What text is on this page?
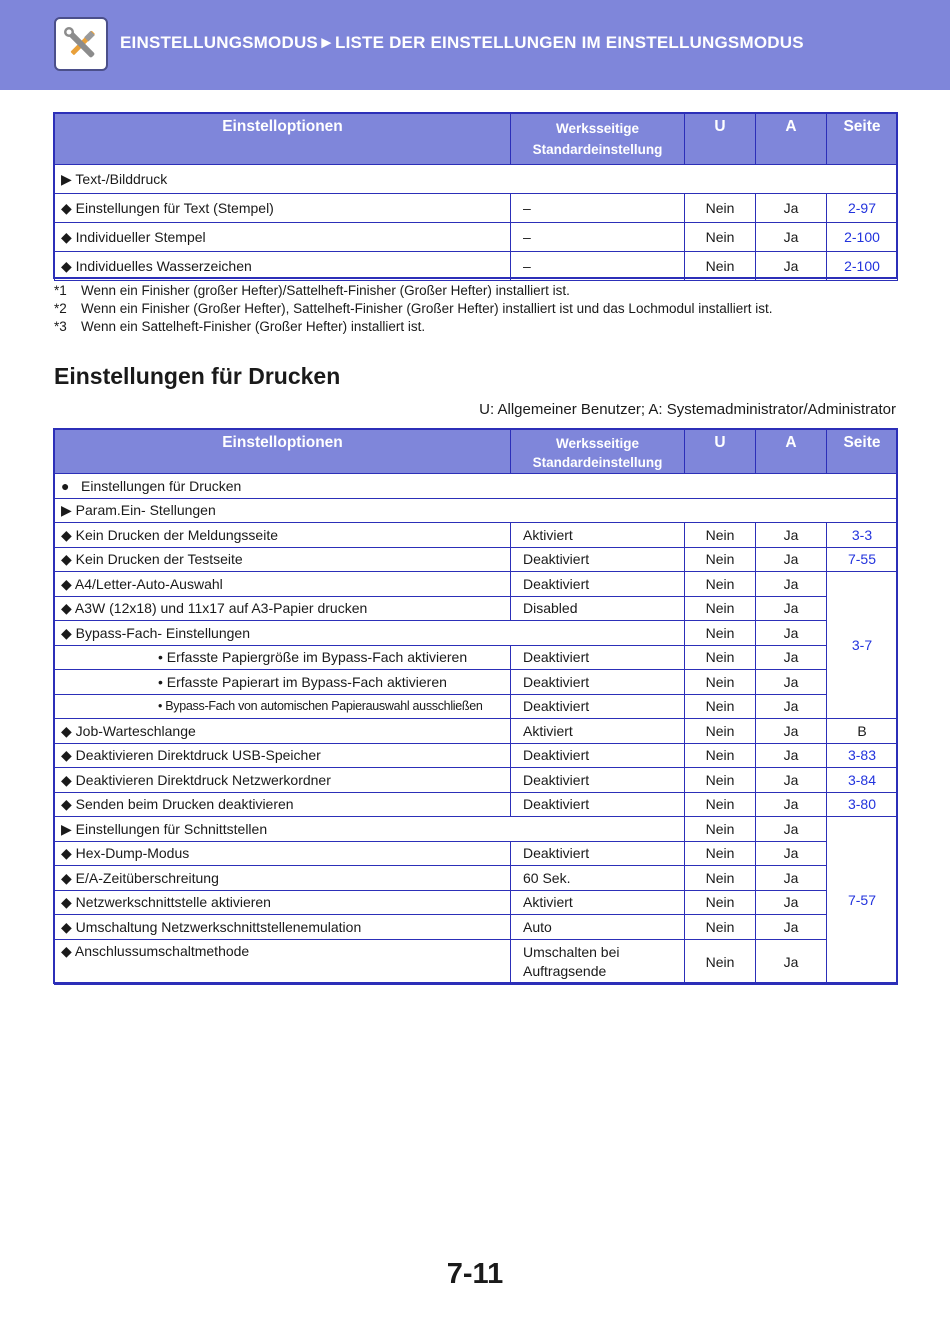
EINSTELLUNGSMODUS►LISTE DER EINSTELLUNGEN IM EINSTELLUNGSMODUS
Einstelloptionen	Werksseitige
Standardeinstellung	U	A	Seite
▶ Text-/Bilddruck				
◆ Einstellungen für Text (Stempel)	–	Nein	Ja	2-97
◆ Individueller Stempel	–	Nein	Ja	2-100
◆ Individuelles Wasserzeichen	–	Nein	Ja	2-100
*1 Wenn ein Finisher (großer Hefter)/Sattelheft-Finisher (Großer Hefter) installiert ist.
*2 Wenn ein Finisher (Großer Hefter), Sattelheft-Finisher (Großer Hefter) installiert ist und das Lochmodul installiert ist.
*3 Wenn ein Sattelheft-Finisher (Großer Hefter) installiert ist.
Einstellungen für Drucken
U: Allgemeiner Benutzer; A: Systemadministrator/Administrator
Einstelloptionen	Werksseitige
Standardeinstellung	U	A	Seite
● Einstellungen für Drucken				
▶ Param.Ein- Stellungen				
◆ Kein Drucken der Meldungsseite	Aktiviert	Nein	Ja	3-3
◆ Kein Drucken der Testseite	Deaktiviert	Nein	Ja	7-55
◆ A4/Letter-Auto-Auswahl	Deaktiviert	Nein	Ja	3-7
◆ A3W (12x18) und 11x17 auf A3-Papier drucken	Disabled	Nein	Ja	
◆ Bypass-Fach- Einstellungen		Nein	Ja	
• Erfasste Papiergröße im Bypass-Fach aktivieren	Deaktiviert	Nein	Ja	
• Erfasste Papierart im Bypass-Fach aktivieren	Deaktiviert	Nein	Ja	
• Bypass-Fach von automischen Papierauswahl ausschließen	Deaktiviert	Nein	Ja	
◆ Job-Warteschlange	Aktiviert	Nein	Ja	B
◆ Deaktivieren Direktdruck USB-Speicher	Deaktiviert	Nein	Ja	3-83
◆ Deaktivieren Direktdruck Netzwerkordner	Deaktiviert	Nein	Ja	3-84
◆ Senden beim Drucken deaktivieren	Deaktiviert	Nein	Ja	3-80
▶ Einstellungen für Schnittstellen		Nein	Ja	7-57
◆ Hex-Dump-Modus	Deaktiviert	Nein	Ja	
◆ E/A-Zeitüberschreitung	60 Sek.	Nein	Ja	
◆ Netzwerkschnittstelle aktivieren	Aktiviert	Nein	Ja	
◆ Umschaltung Netzwerkschnittstellenemulation	Auto	Nein	Ja	
◆ Anschlussumschaltmethode	Umschalten bei
Auftragsende	Nein	Ja	
7-11
